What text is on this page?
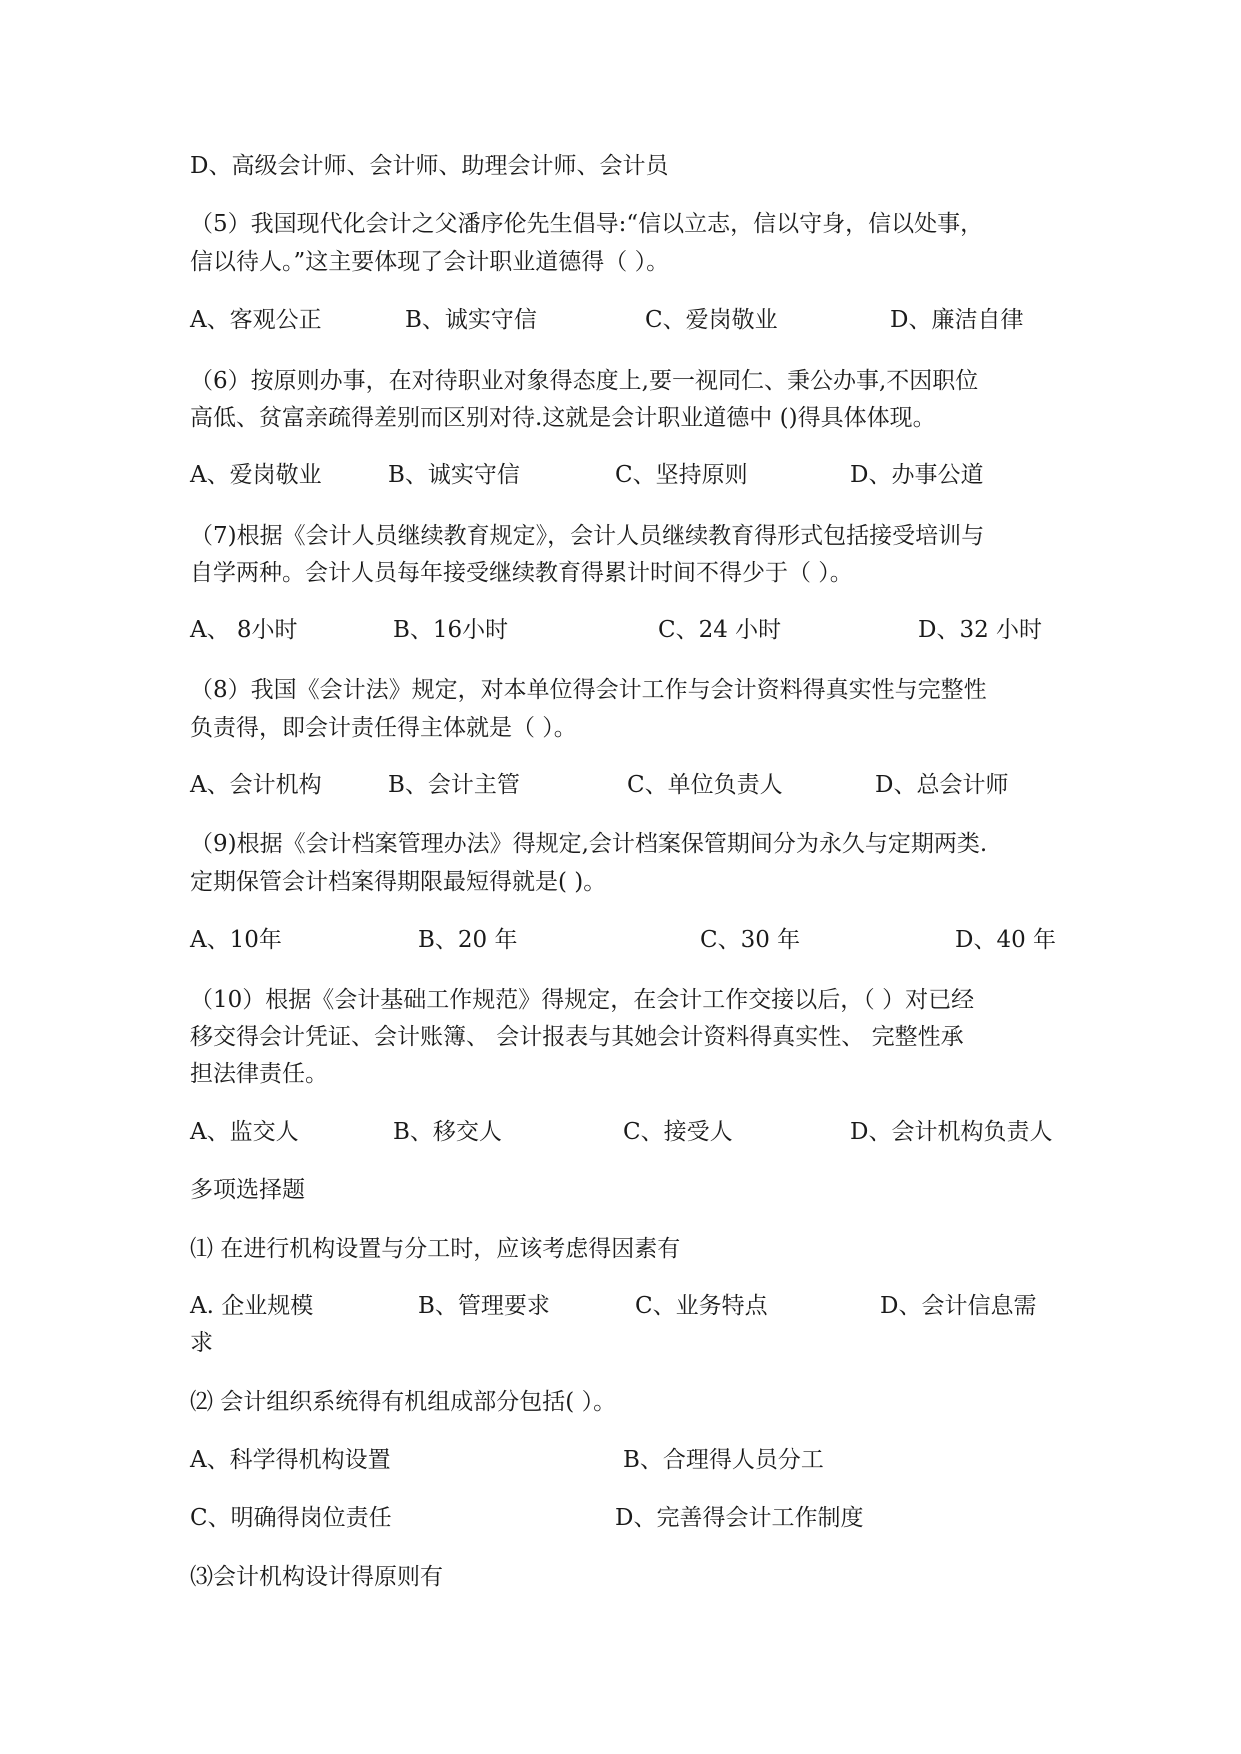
D、高级会计师、会计师、助理会计师、会计员
（5）我国现代化会计之父潘序伦先生倡导:“信以立志，信以守身，信以处事，
信以待人。”这主要体现了会计职业道德得（ ）。
A、客观公正	B、诚实守信	C、爱岗敬业	D、廉洁自律
（6）按原则办事，在对待职业对象得态度上,要一视同仁、秉公办事,不因职位
高低、贫富亲疏得差别而区别对待.这就是会计职业道德中 ()得具体体现。
A、爱岗敬业	B、诚实守信	C、坚持原则	D、办事公道
（7)根据《会计人员继续教育规定》，会计人员继续教育得形式包括接受培训与
自学两种。会计人员每年接受继续教育得累计时间不得少于（ ）。
A、 8小时	B、16小时	C、24 小时	D、32 小时
（8）我国《会计法》规定，对本单位得会计工作与会计资料得真实性与完整性
负责得，即会计责任得主体就是（ ）。
A、会计机构	B、会计主管	C、单位负责人	D、总会计师
（9)根据《会计档案管理办法》得规定,会计档案保管期间分为永久与定期两类.
定期保管会计档案得期限最短得就是( )。
A、10年	B、20 年	C、30 年	D、40 年
（10）根据《会计基础工作规范》得规定，在会计工作交接以后，（ ）对已经
移交得会计凭证、会计账簿、 会计报表与其她会计资料得真实性、 完整性承
担法律责任。
A、监交人	B、移交人	C、接受人	D、会计机构负责人
多项选择题
⑴ 在进行机构设置与分工时，应该考虑得因素有
A. 企业规模	B、管理要求	C、业务特点	D、会计信息需
求
⑵ 会计组织系统得有机组成部分包括( ）。
A、科学得机构设置	B、合理得人员分工
C、明确得岗位责任	D、完善得会计工作制度
⑶会计机构设计得原则有
